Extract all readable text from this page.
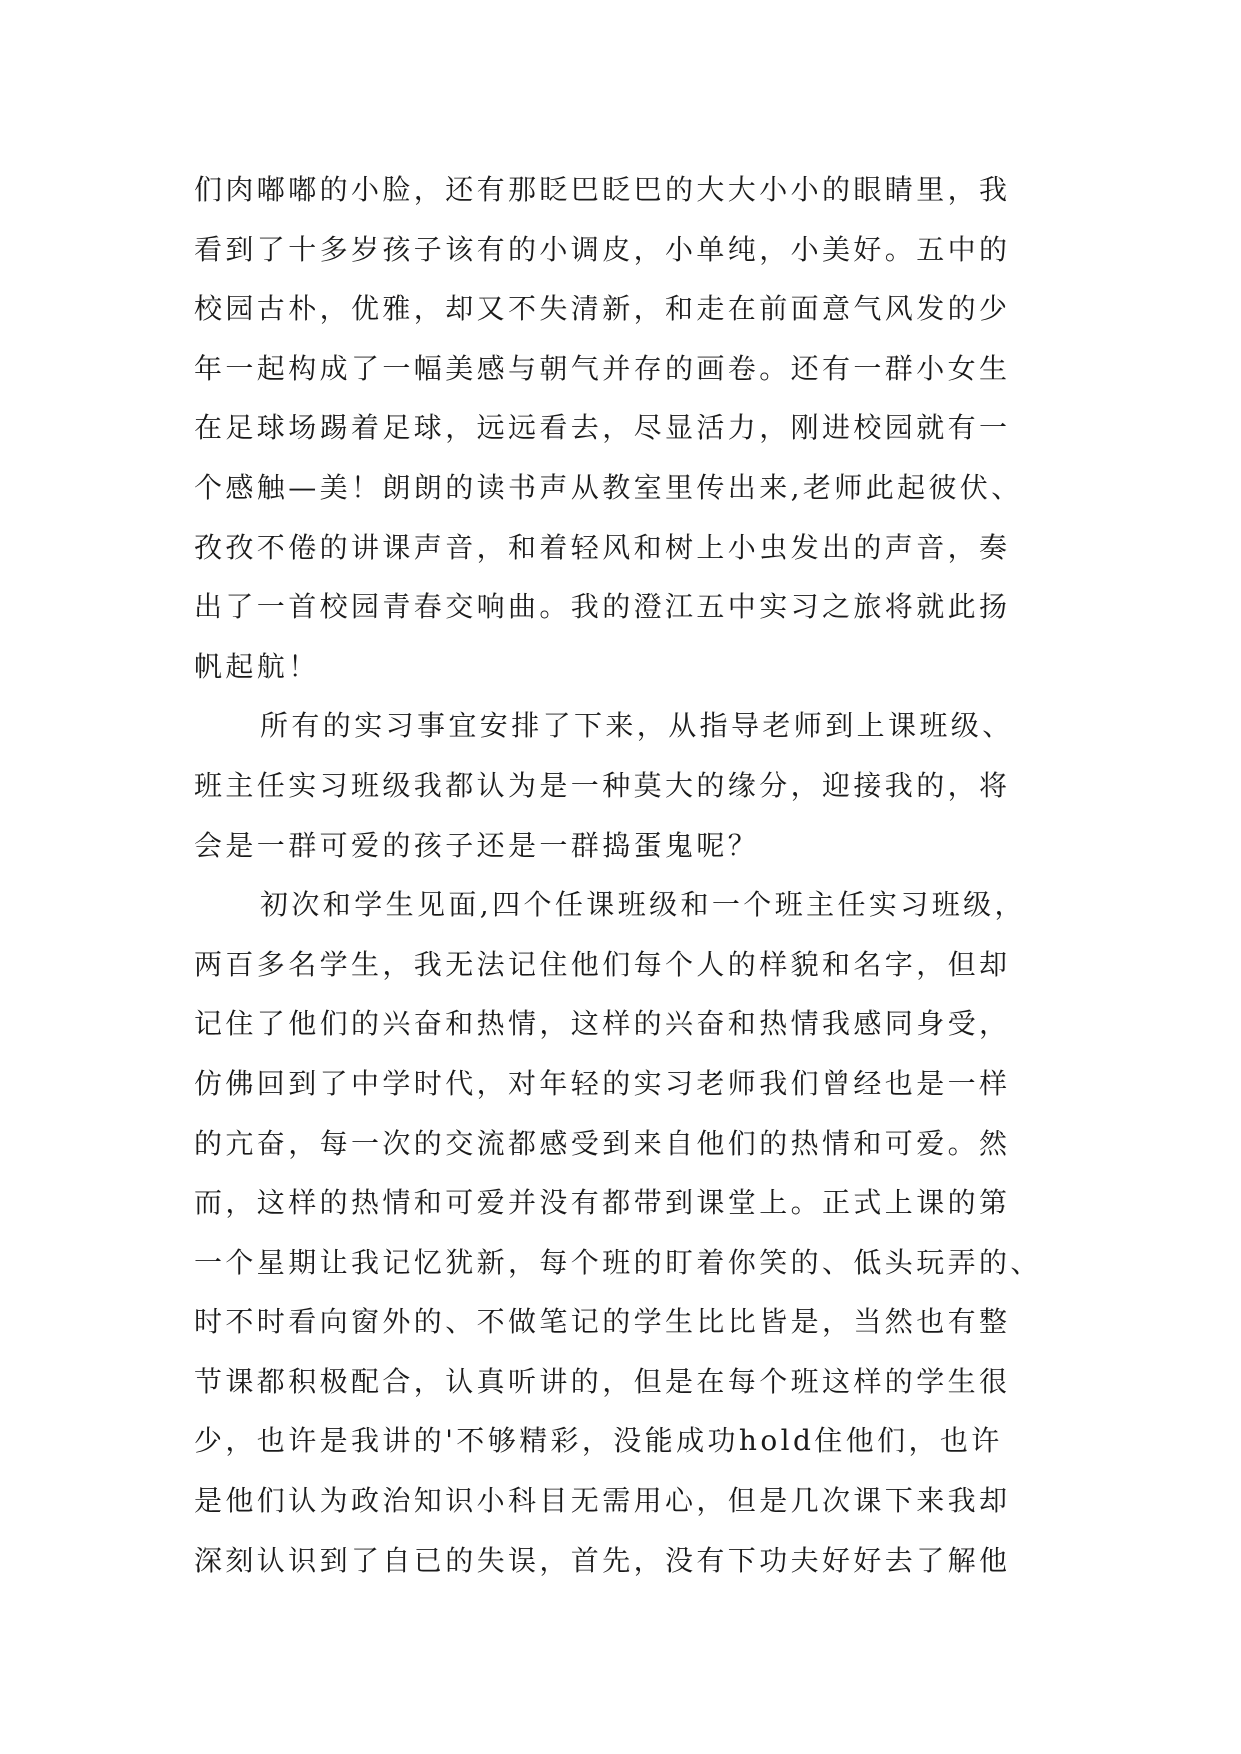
们肉嘟嘟的小脸，还有那眨巴眨巴的大大小小的眼睛里，我
看到了十多岁孩子该有的小调皮，小单纯，小美好。五中的
校园古朴，优雅，却又不失清新，和走在前面意气风发的少
年一起构成了一幅美感与朝气并存的画卷。还有一群小女生
在足球场踢着足球，远远看去，尽显活力，刚进校园就有一
个感触—美！朗朗的读书声从教室里传出来,老师此起彼伏、
孜孜不倦的讲课声音，和着轻风和树上小虫发出的声音，奏
出了一首校园青春交响曲。我的澄江五中实习之旅将就此扬
帆起航！
所有的实习事宜安排了下来，从指导老师到上课班级、
班主任实习班级我都认为是一种莫大的缘分，迎接我的，将
会是一群可爱的孩子还是一群捣蛋鬼呢？
初次和学生见面,四个任课班级和一个班主任实习班级，
两百多名学生，我无法记住他们每个人的样貌和名字，但却
记住了他们的兴奋和热情，这样的兴奋和热情我感同身受，
仿佛回到了中学时代，对年轻的实习老师我们曾经也是一样
的亢奋，每一次的交流都感受到来自他们的热情和可爱。然
而，这样的热情和可爱并没有都带到课堂上。正式上课的第
一个星期让我记忆犹新，每个班的盯着你笑的、低头玩弄的、
时不时看向窗外的、不做笔记的学生比比皆是，当然也有整
节课都积极配合，认真听讲的，但是在每个班这样的学生很
少，也许是我讲的'不够精彩，没能成功hold住他们，也许
是他们认为政治知识小科目无需用心，但是几次课下来我却
深刻认识到了自已的失误，首先，没有下功夫好好去了解他
